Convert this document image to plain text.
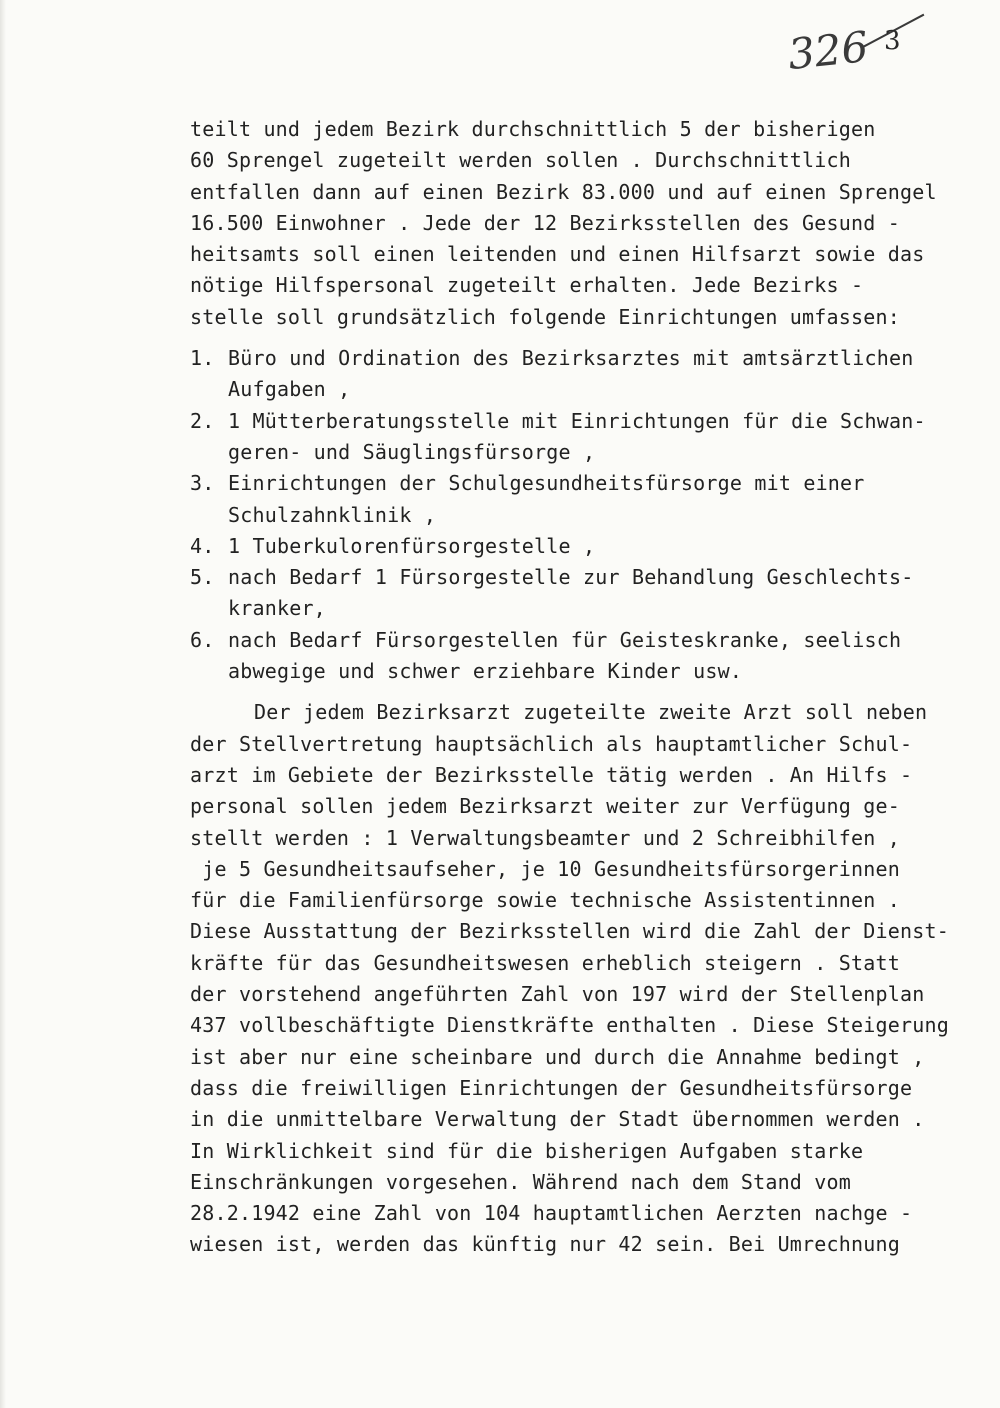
326 3
teilt und jedem Bezirk durchschnittlich 5 der bisherigen
60 Sprengel zugeteilt werden sollen . Durchschnittlich
entfallen dann auf einen Bezirk 83.000 und auf einen Sprengel
16.500 Einwohner . Jede der 12 Bezirksstellen des Gesund -
heitsamts soll einen leitenden und einen Hilfsarzt sowie das
nötige Hilfspersonal zugeteilt erhalten. Jede Bezirks -
stelle soll grundsätzlich folgende Einrichtungen umfassen:
1. Büro und Ordination des Bezirksarztes mit amtsärztlichen
Aufgaben ,
2. 1 Mütterberatungsstelle mit Einrichtungen für die Schwan-
geren- und Säuglingsfürsorge ,
3. Einrichtungen der Schulgesundheitsfürsorge mit einer
Schulzahnklinik ,
4. 1 Tuberkulorenfürsorgestelle ,
5. nach Bedarf 1 Fürsorgestelle zur Behandlung Geschlechts-
kranker,
6. nach Bedarf Fürsorgestellen für Geisteskranke, seelisch
abwegige und schwer erziehbare Kinder usw.
Der jedem Bezirksarzt zugeteilte zweite Arzt soll neben
der Stellvertretung hauptsächlich als hauptamtlicher Schul-
arzt im Gebiete der Bezirksstelle tätig werden . An Hilfs -
personal sollen jedem Bezirksarzt weiter zur Verfügung ge-
stellt werden : 1 Verwaltungsbeamter und 2 Schreibhilfen ,
je 5 Gesundheitsaufseher, je 10 Gesundheitsfürsorgerinnen
für die Familienfürsorge sowie technische Assistentinnen .
Diese Ausstattung der Bezirksstellen wird die Zahl der Dienst-
kräfte für das Gesundheitswesen erheblich steigern . Statt
der vorstehend angeführten Zahl von 197 wird der Stellenplan
437 vollbeschäftigte Dienstkräfte enthalten . Diese Steigerung
ist aber nur eine scheinbare und durch die Annahme bedingt ,
dass die freiwilligen Einrichtungen der Gesundheitsfürsorge
in die unmittelbare Verwaltung der Stadt übernommen werden .
In Wirklichkeit sind für die bisherigen Aufgaben starke
Einschränkungen vorgesehen. Während nach dem Stand vom
28.2.1942 eine Zahl von 104 hauptamtlichen Aerzten nachge -
wiesen ist, werden das künftig nur 42 sein. Bei Umrechnung
